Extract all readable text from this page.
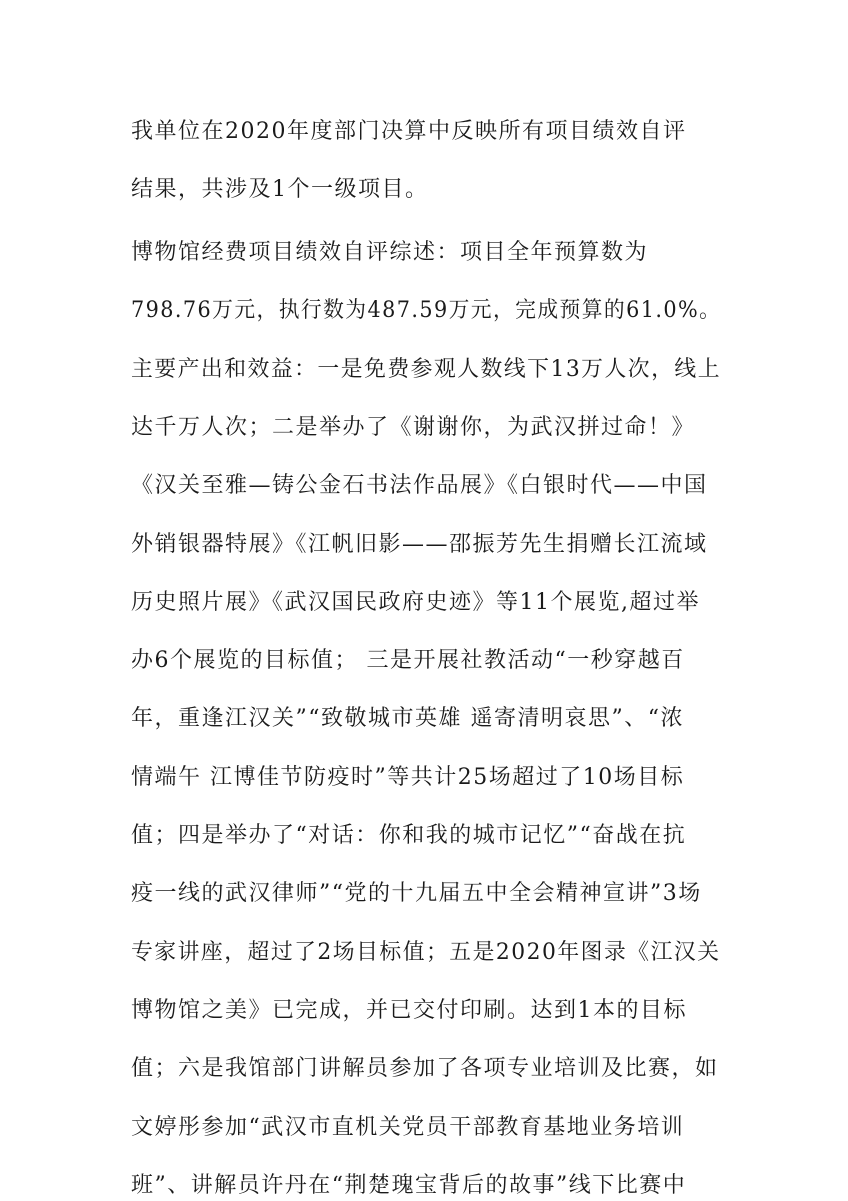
我单位在2020年度部门决算中反映所有项目绩效自评
结果，共涉及1个一级项目。
博物馆经费项目绩效自评综述：项目全年预算数为
798.76万元，执行数为487.59万元，完成预算的61.0%。
主要产出和效益：一是免费参观人数线下13万人次，线上
达千万人次；二是举办了《谢谢你，为武汉拼过命！》
《汉关至雅—铸公金石书法作品展》《白银时代——中国
外销银器特展》《江帆旧影——邵振芳先生捐赠长江流域
历史照片展》《武汉国民政府史迹》等11个展览,超过举
办6个展览的目标值； 三是开展社教活动“一秒穿越百
年，重逢江汉关”“致敬城市英雄 遥寄清明哀思”、“浓
情端午 江博佳节防疫时”等共计25场超过了10场目标
值；四是举办了“对话：你和我的城市记忆”“奋战在抗
疫一线的武汉律师”“党的十九届五中全会精神宣讲”3场
专家讲座，超过了2场目标值；五是2020年图录《江汉关
博物馆之美》已完成，并已交付印刷。达到1本的目标
值；六是我馆部门讲解员参加了各项专业培训及比赛，如
文婷彤参加“武汉市直机关党员干部教育基地业务培训
班”、讲解员许丹在“荆楚瑰宝背后的故事”线下比赛中
